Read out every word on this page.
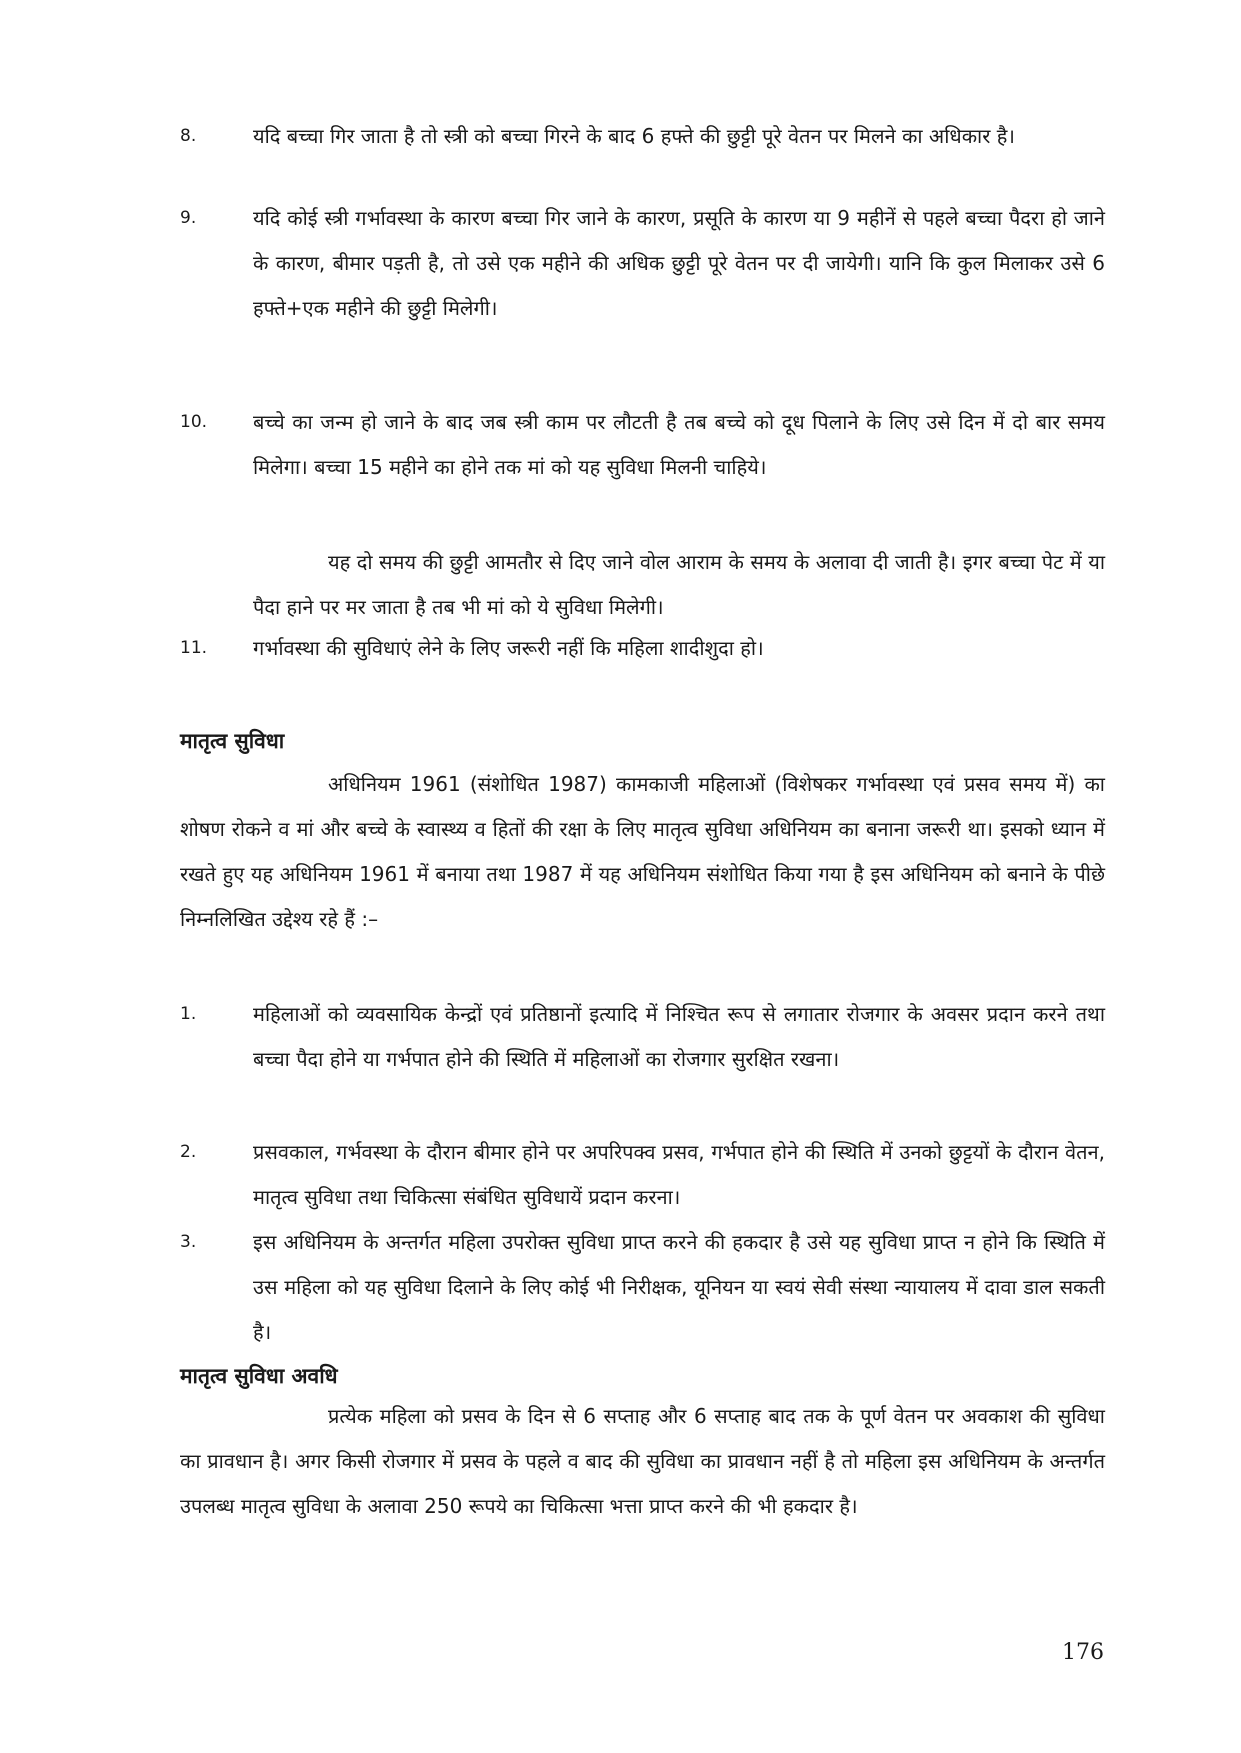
8.	यदि बच्चा गिर जाता है तो स्त्री को बच्चा गिरने के बाद 6 हफ्ते की छुट्टी पूरे वेतन पर मिलने का अधिकार है।
9.	यदि कोई स्त्री गर्भावस्था के कारण बच्चा गिर जाने के कारण, प्रसूति के कारण या 9 महीनें से पहले बच्चा पैदरा हो जाने के कारण, बीमार पड़ती है, तो उसे एक महीने की अधिक छुट्टी पूरे वेतन पर दी जायेगी। यानि कि कुल मिलाकर उसे 6 हफ्ते+एक महीने की छुट्टी मिलेगी।
10. बच्चे का जन्म हो जाने के बाद जब स्त्री काम पर लौटती है तब बच्चे को दूध पिलाने के लिए उसे दिन में दो बार समय मिलेगा। बच्चा 15 महीने का होने तक मां को यह सुविधा मिलनी चाहिये।
यह दो समय की छुट्टी आमतौर से दिए जाने वोल आराम के समय के अलावा दी जाती है। इगर बच्चा पेट में या पैदा हाने पर मर जाता है तब भी मां को ये सुविधा मिलेगी।
11. गर्भावस्था की सुविधाएं लेने के लिए जरूरी नहीं कि महिला शादीशुदा हो।
मातृत्व सुविधा
अधिनियम 1961 (संशोधित 1987) कामकाजी महिलाओं (विशेषकर गर्भावस्था एवं प्रसव समय में) का शोषण रोकने व मां और बच्चे के स्वास्थ्य व हितों की रक्षा के लिए मातृत्व सुविधा अधिनियम का बनाना जरूरी था। इसको ध्यान में रखते हुए यह अधिनियम 1961 में बनाया तथा 1987 में यह अधिनियम संशोधित किया गया है इस अधिनियम को बनाने के पीछे निम्नलिखित उद्देश्य रहे हैं :–
1.	महिलाओं को व्यवसायिक केन्द्रों एवं प्रतिष्ठानों इत्यादि में निश्चित रूप से लगातार रोजगार के अवसर प्रदान करने तथा बच्चा पैदा होने या गर्भपात होने की स्थिति में महिलाओं का रोजगार सुरक्षित रखना।
2.	प्रसवकाल, गर्भवस्था के दौरान बीमार होने पर अपरिपक्व प्रसव, गर्भपात होने की स्थिति में उनको छुट्टयों के दौरान वेतन, मातृत्व सुविधा तथा चिकित्सा संबंधित सुविधायें प्रदान करना।
3.	इस अधिनियम के अन्तर्गत महिला उपरोक्त सुविधा प्राप्त करने की हकदार है उसे यह सुविधा प्राप्त न होने कि स्थिति में उस महिला को यह सुविधा दिलाने के लिए कोई भी निरीक्षक, यूनियन या स्वयं सेवी संस्था न्यायालय में दावा डाल सकती है।
मातृत्व सुविधा अवधि
प्रत्येक महिला को प्रसव के दिन से 6 सप्ताह और 6 सप्ताह बाद तक के पूर्ण वेतन पर अवकाश की सुविधा का प्रावधान है। अगर किसी रोजगार में प्रसव के पहले व बाद की सुविधा का प्रावधान नहीं है तो महिला इस अधिनियम के अन्तर्गत उपलब्ध मातृत्व सुविधा के अलावा 250 रूपये का चिकित्सा भत्ता प्राप्त करने की भी हकदार है।
176
